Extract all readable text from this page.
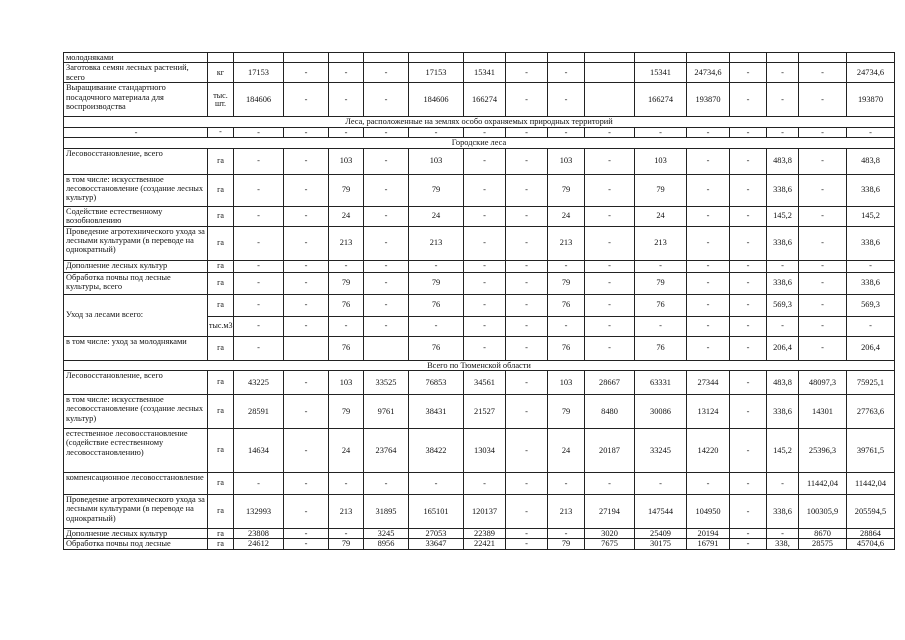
молодняками																	
Заготовка семян лесных растений, всего	кг	17153	-	-	-	17153	15341	-	-		15341	24734,6	-	-	-	24734,6	
Выращивание стандартного посадочного материала для воспроизводства	тыс. шт.	184606	-	-	-	184606	166274	-	-		166274	193870	-	-	-	193870	
Леса, расположенные на землях особо охраняемых природных территорий																	
-	-	-	-	-	-	-	-	-	-	-	-	-	-	-	-	-	
Городские леса																	
Лесовосстановление, всего	га	-	-	103	-	103	-	-	103	-	103	-	-	483,8	-	483,8	
в том числе: искусственное лесовосстановление (создание лесных культур)	га	-	-	79	-	79	-	-	79	-	79	-	-	338,6	-	338,6	
Содействие естественному возобновлению	га	-	-	24	-	24	-	-	24	-	24	-	-	145,2	-	145,2	
Проведение агротехнического ухода за лесными культурами (в переводе на однократный)	га	-	-	213	-	213	-	-	213	-	213	-	-	338,6	-	338,6	
Дополнение лесных культур	га	-	-	-	-	-	-	-	-	-	-	-	-	-	-	-	
Обработка почвы под лесные культуры, всего	га	-	-	79	-	79	-	-	79	-	79	-	-	338,6	-	338,6	
Уход за лесами всего:	га	-	-	76	-	76	-	-	76	-	76	-	-	569,3	-	569,3	
	тыс.м3	-	-	-	-	-	-	-	-	-	-	-	-	-	-	-	
в том числе: уход за молодняками	га	-		76		76	-	-	76	-	76	-	-	206,4	-	206,4	
Всего по Тюменской области																	
Лесовосстановление, всего	га	43225	-	103	33525	76853	34561	-	103	28667	63331	27344	-	483,8	48097,3	75925,1	
в том числе: искусственное лесовосстановление (создание лесных культур)	га	28591	-	79	9761	38431	21527	-	79	8480	30086	13124	-	338,6	14301	27763,6	
естественное лесовосстановление (содействие естественному лесовосстановлению)	га	14634	-	24	23764	38422	13034	-	24	20187	33245	14220	-	145,2	25396,3	39761,5	
компенсационное лесовосстановление	га	-	-	-	-	-	-	-	-	-	-	-	-	-	11442,04	11442,04	
Проведение агротехнического ухода за лесными культурами (в переводе на однократный)	га	132993	-	213	31895	165101	120137	-	213	27194	147544	104950	-	338,6	100305,9	205594,5	
Дополнение лесных культур	га	23808	-	-	3245	27053	22389	-	-	3020	25409	20194	-	-	8670	28864	
Обработка почвы под лесные	га	24612	-	79	8956	33647	22421	-	79	7675	30175	16791	-	338,	28575	45704,6	
